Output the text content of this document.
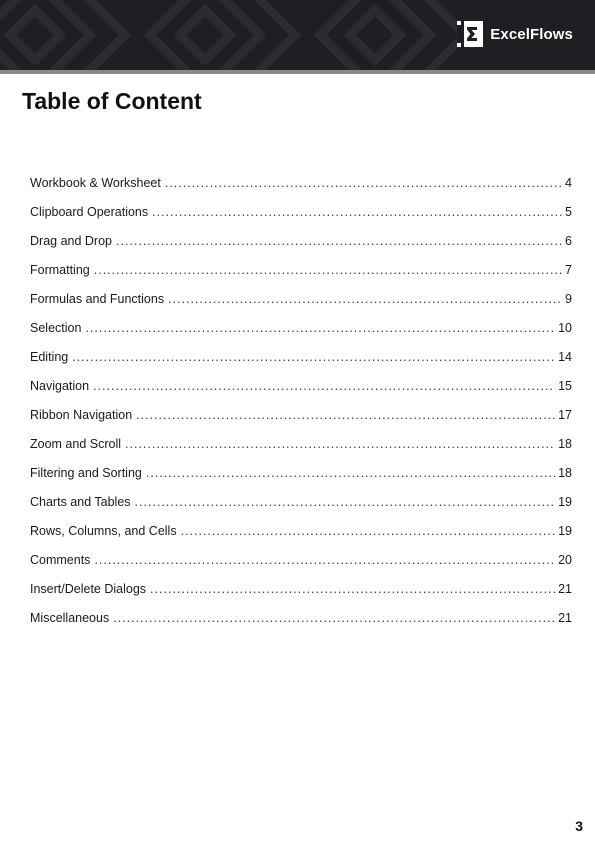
ExcelFlows
Table of Content
Workbook & Worksheet .....	4
Clipboard Operations .....	5
Drag and Drop .....	6
Formatting .....	7
Formulas and Functions .....	9
Selection .....	10
Editing .....	14
Navigation .....	15
Ribbon Navigation .....	17
Zoom and Scroll .....	18
Filtering and Sorting .....	18
Charts and Tables .....	19
Rows, Columns, and Cells .....	19
Comments .....	20
Insert/Delete Dialogs .....	21
Miscellaneous .....	21
3
